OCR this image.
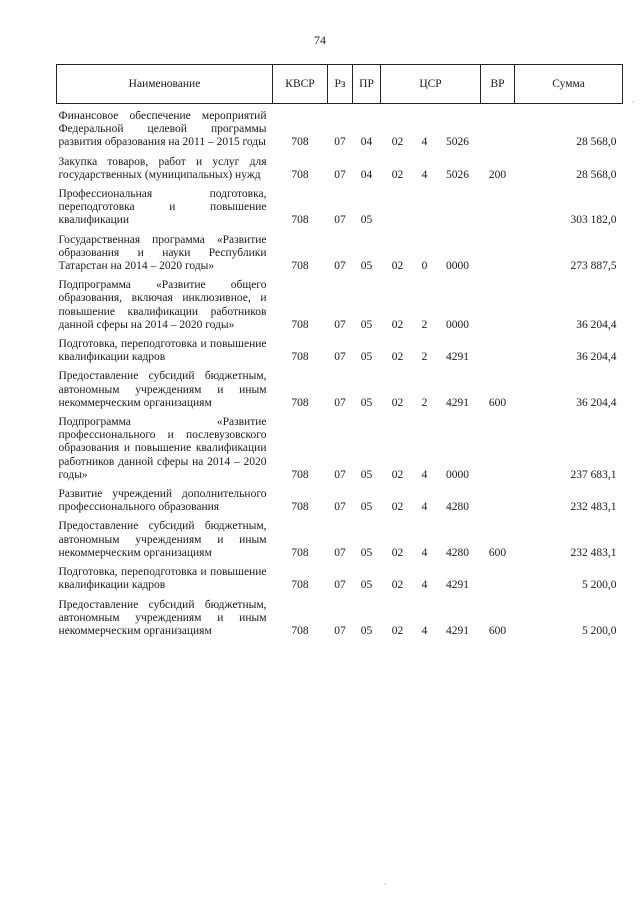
74
Наименование	КВСР	Рз	ПР	ЦСР			ВР	Сумма
Финансовое обеспечение мероприятий Федеральной целевой программы развития образования на 2011 – 2015 годы	708	07	04	02	4	5026		28 568,0
Закупка товаров, работ и услуг для государственных (муниципальных) нужд	708	07	04	02	4	5026	200	28 568,0
Профессиональная подготовка, переподготовка и повышение квалификации	708	07	05					303 182,0
Государственная программа «Развитие образования и науки Республики Татарстан на 2014 – 2020 годы»	708	07	05	02	0	0000		273 887,5
Подпрограмма «Развитие общего образования, включая инклюзивное, и повышение квалификации работников данной сферы на 2014 – 2020 годы»	708	07	05	02	2	0000		36 204,4
Подготовка, переподготовка и повышение квалификации кадров	708	07	05	02	2	4291		36 204,4
Предоставление субсидий бюджетным, автономным учреждениям и иным некоммерческим организациям	708	07	05	02	2	4291	600	36 204,4
Подпрограмма «Развитие профессионального и послевузовского образования и повышение квалификации работников данной сферы на 2014 – 2020 годы»	708	07	05	02	4	0000		237 683,1
Развитие учреждений дополнительного профессионального образования	708	07	05	02	4	4280		232 483,1
Предоставление субсидий бюджетным, автономным учреждениям и иным некоммерческим организациям	708	07	05	02	4	4280	600	232 483,1
Подготовка, переподготовка и повышение квалификации кадров	708	07	05	02	4	4291		5 200,0
Предоставление субсидий бюджетным, автономным учреждениям и иным некоммерческим организациям	708	07	05	02	4	4291	600	5 200,0
·
·
